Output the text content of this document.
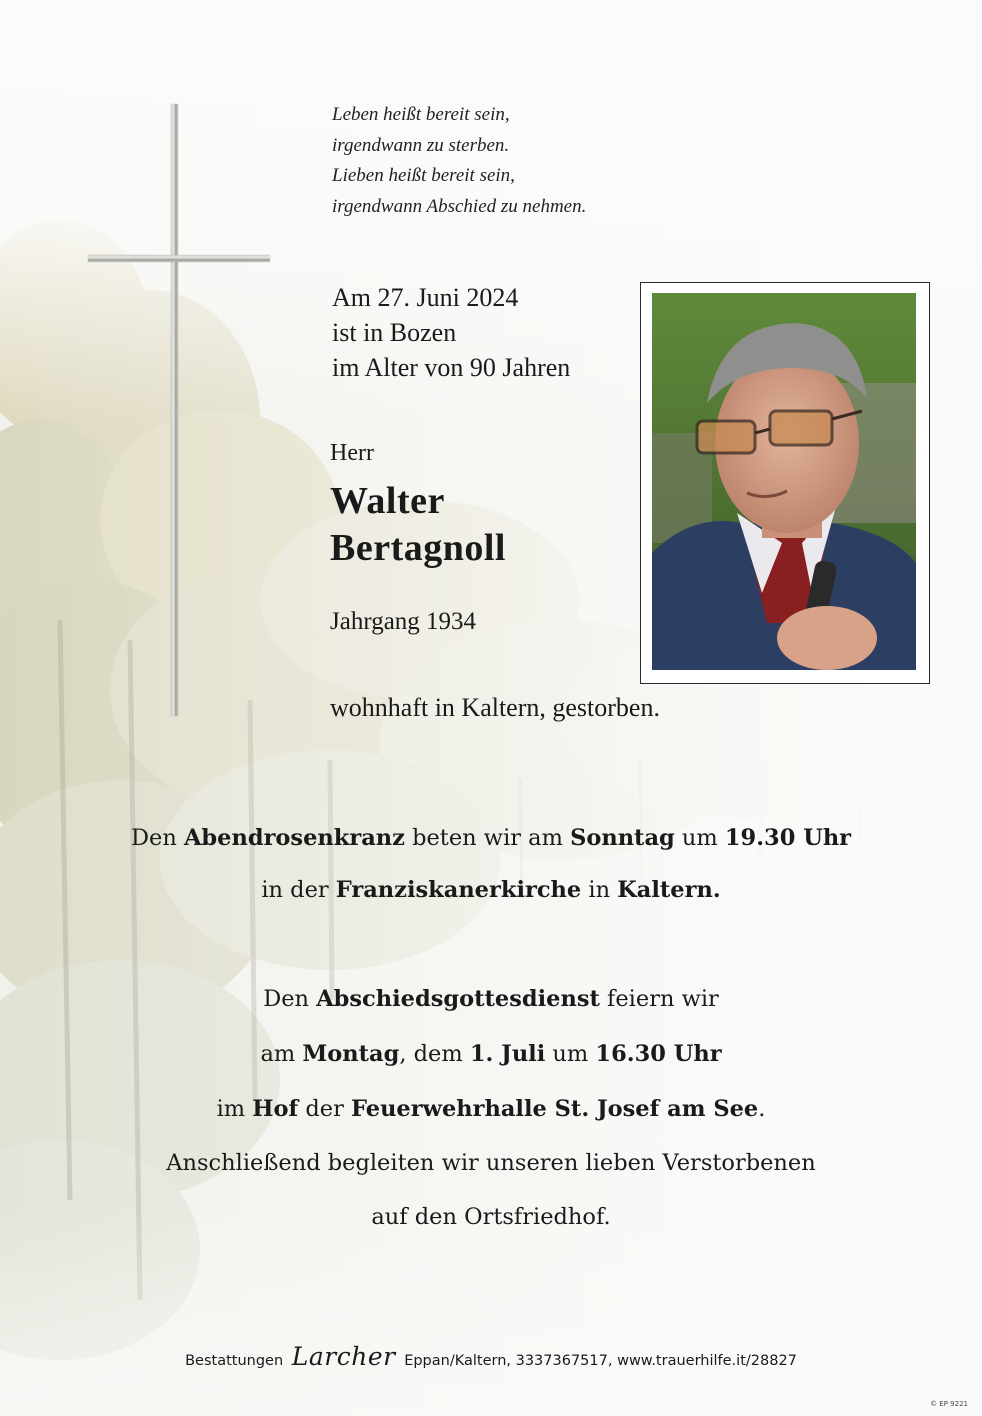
Leben heißt bereit sein,
irgendwann zu sterben.
Lieben heißt bereit sein,
irgendwann Abschied zu nehmen.
Am 27. Juni 2024
ist in Bozen
im Alter von 90 Jahren
Herr
Walter
Bertagnoll
Jahrgang 1934
wohnhaft in Kaltern, gestorben.
Den Abendrosenkranz beten wir am Sonntag um 19.30 Uhr
in der Franziskanerkirche in Kaltern.
Den Abschiedsgottesdienst feiern wir
am Montag, dem 1. Juli um 16.30 Uhr
im Hof der Feuerwehrhalle St. Josef am See.
Anschließend begleiten wir unseren lieben Verstorbenen
auf den Ortsfriedhof.
Bestattungen Larcher Eppan/Kaltern, 3337367517, www.trauerhilfe.it/28827
© EP 9221
